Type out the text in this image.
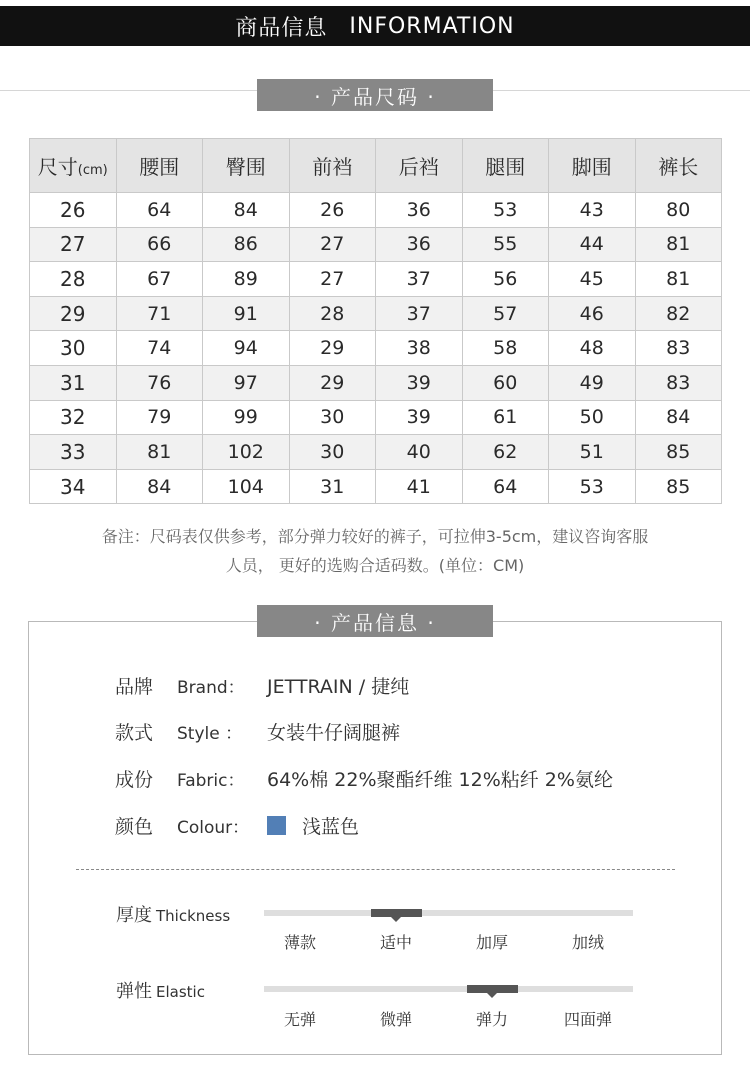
商品信息 INFORMATION
· 产品尺码 ·
尺寸(cm)	腰围	臀围	前裆	后裆	腿围	脚围	裤长
26	64	84	26	36	53	43	80
27	66	86	27	36	55	44	81
28	67	89	27	37	56	45	81
29	71	91	28	37	57	46	82
30	74	94	29	38	58	48	83
31	76	97	29	39	60	49	83
32	79	99	30	39	61	50	84
33	81	102	30	40	62	51	85
34	84	104	31	41	64	53	85
备注：尺码表仅供参考，部分弹力较好的裤子，可拉伸3-5cm，建议咨询客服
人员， 更好的选购合适码数。(单位：CM)
· 产品信息 ·
品牌	Brand：	JETTRAIN / 捷纯
款式	Style ：	女装牛仔阔腿裤
成份	Fabric：	64%棉 22%聚酯纤维 12%粘纤 2%氨纶
颜色	Colour：	浅蓝色
厚度 Thickness
薄款	适中	加厚	加绒
弹性 Elastic
无弹	微弹	弹力	四面弹
